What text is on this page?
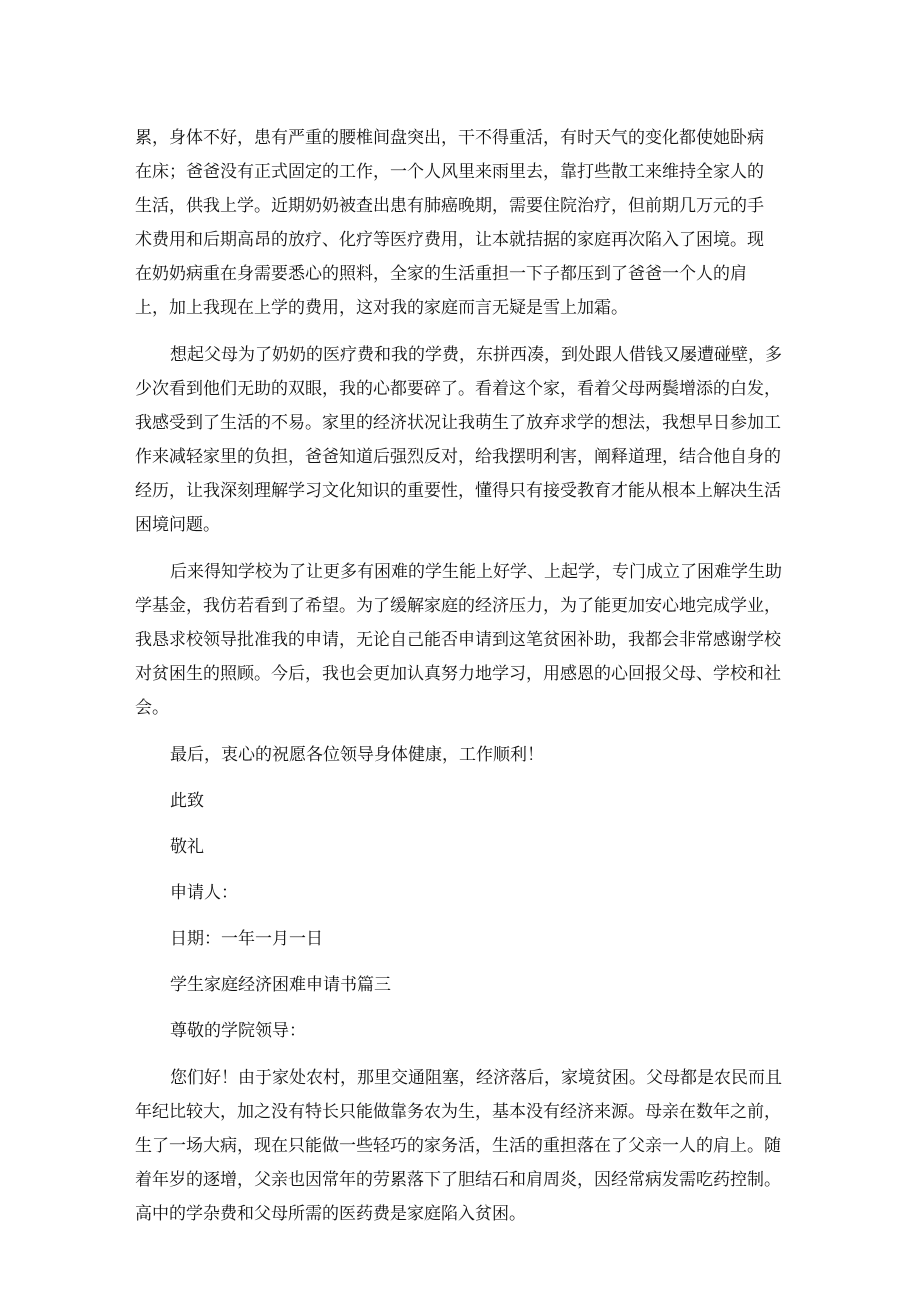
累，身体不好，患有严重的腰椎间盘突出，干不得重活，有时天气的变化都使她卧病
在床；爸爸没有正式固定的工作，一个人风里来雨里去，靠打些散工来维持全家人的
生活，供我上学。近期奶奶被查出患有肺癌晚期，需要住院治疗，但前期几万元的手
术费用和后期高昂的放疗、化疗等医疗费用，让本就拮据的家庭再次陷入了困境。现
在奶奶病重在身需要悉心的照料，全家的生活重担一下子都压到了爸爸一个人的肩
上，加上我现在上学的费用，这对我的家庭而言无疑是雪上加霜。
想起父母为了奶奶的医疗费和我的学费，东拼西凑，到处跟人借钱又屡遭碰壁，多
少次看到他们无助的双眼，我的心都要碎了。看着这个家，看着父母两鬓增添的白发，
我感受到了生活的不易。家里的经济状况让我萌生了放弃求学的想法，我想早日参加工
作来减轻家里的负担，爸爸知道后强烈反对，给我摆明利害，阐释道理，结合他自身的
经历，让我深刻理解学习文化知识的重要性，懂得只有接受教育才能从根本上解决生活
困境问题。
后来得知学校为了让更多有困难的学生能上好学、上起学，专门成立了困难学生助
学基金，我仿若看到了希望。为了缓解家庭的经济压力，为了能更加安心地完成学业，
我恳求校领导批准我的申请，无论自己能否申请到这笔贫困补助，我都会非常感谢学校
对贫困生的照顾。今后，我也会更加认真努力地学习，用感恩的心回报父母、学校和社
会。
最后，衷心的祝愿各位领导身体健康，工作顺利！
此致
敬礼
申请人：
日期：一年一月一日
学生家庭经济困难申请书篇三
尊敬的学院领导：
您们好！由于家处农村，那里交通阻塞，经济落后，家境贫困。父母都是农民而且
年纪比较大，加之没有特长只能做靠务农为生，基本没有经济来源。母亲在数年之前，
生了一场大病，现在只能做一些轻巧的家务活，生活的重担落在了父亲一人的肩上。随
着年岁的逐增，父亲也因常年的劳累落下了胆结石和肩周炎，因经常病发需吃药控制。
高中的学杂费和父母所需的医药费是家庭陷入贫困。
